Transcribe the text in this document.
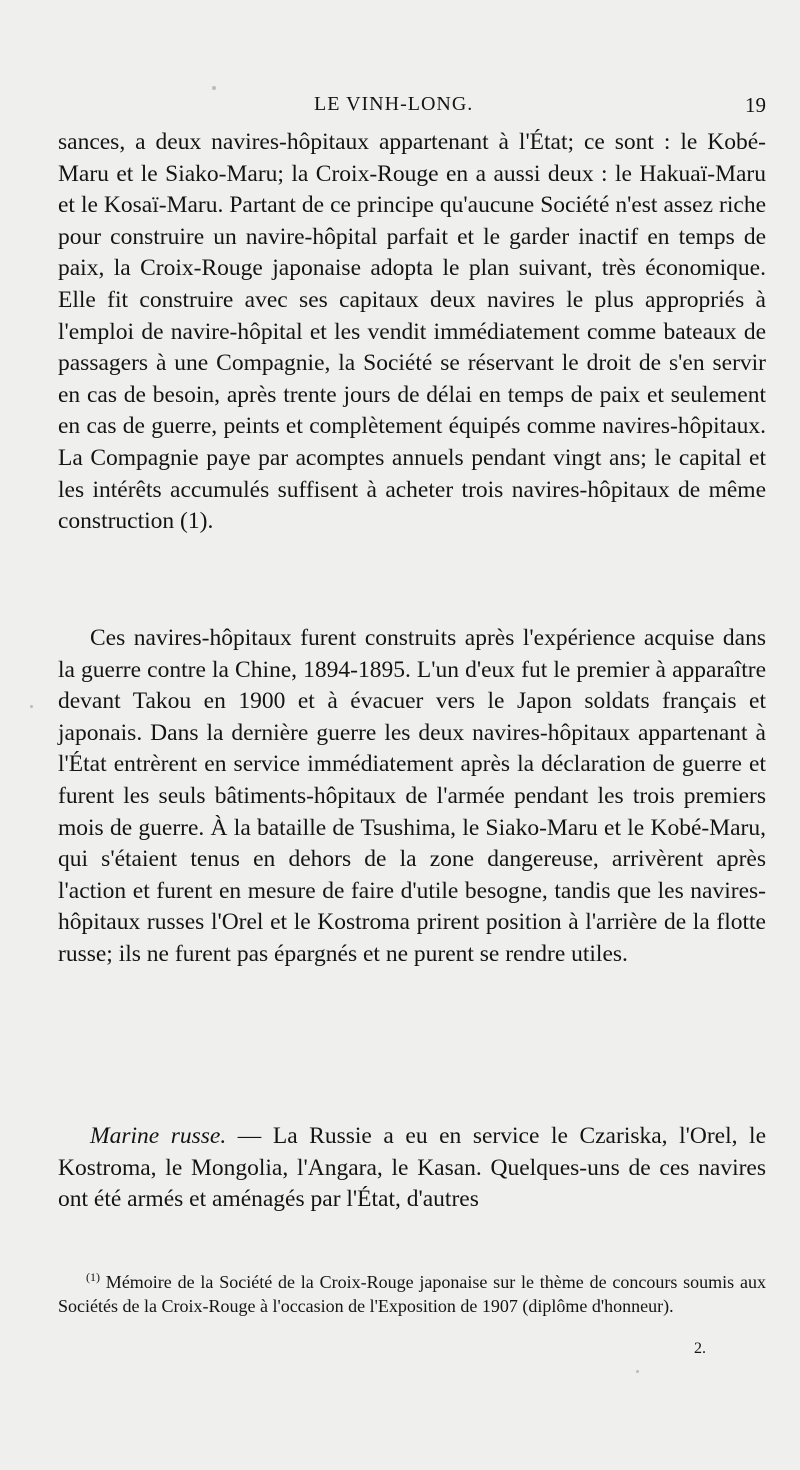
LE VINH-LONG.	19

sances, a deux navires-hôpitaux appartenant à l'État; ce sont : le Kobé-Maru et le Siako-Maru; la Croix-Rouge en a aussi deux : le Hakuaï-Maru et le Kosaï-Maru. Partant de ce principe qu'aucune Société n'est assez riche pour construire un navire-hôpital parfait et le garder inactif en temps de paix, la Croix-Rouge japonaise adopta le plan suivant, très économique. Elle fit construire avec ses capitaux deux navires le plus appropriés à l'emploi de navire-hôpital et les vendit immédiatement comme bateaux de passagers à une Compagnie, la Société se réservant le droit de s'en servir en cas de besoin, après trente jours de délai en temps de paix et seulement en cas de guerre, peints et complètement équipés comme navires-hôpitaux. La Compagnie paye par acomptes annuels pendant vingt ans; le capital et les intérêts accumulés suffisent à acheter trois navires-hôpitaux de même construction (1).

Ces navires-hôpitaux furent construits après l'expérience acquise dans la guerre contre la Chine, 1894-1895. L'un d'eux fut le premier à apparaître devant Takou en 1900 et à évacuer vers le Japon soldats français et japonais. Dans la dernière guerre les deux navires-hôpitaux appartenant à l'État entrèrent en service immédiatement après la déclaration de guerre et furent les seuls bâtiments-hôpitaux de l'armée pendant les trois premiers mois de guerre. À la bataille de Tsushima, le Siako-Maru et le Kobé-Maru, qui s'étaient tenus en dehors de la zone dangereuse, arrivèrent après l'action et furent en mesure de faire d'utile besogne, tandis que les navires-hôpitaux russes l'Orel et le Kostroma prirent position à l'arrière de la flotte russe; ils ne furent pas épargnés et ne purent se rendre utiles.

Marine russe. — La Russie a eu en service le Czariska, l'Orel, le Kostroma, le Mongolia, l'Angara, le Kasan. Quelques-uns de ces navires ont été armés et aménagés par l'État, d'autres

$^{(1)}$ Mémoire de la Société de la Croix-Rouge japonaise sur le thème de concours soumis aux Sociétés de la Croix-Rouge à l'occasion de l'Exposition de 1907 (diplôme d'honneur).

2.
